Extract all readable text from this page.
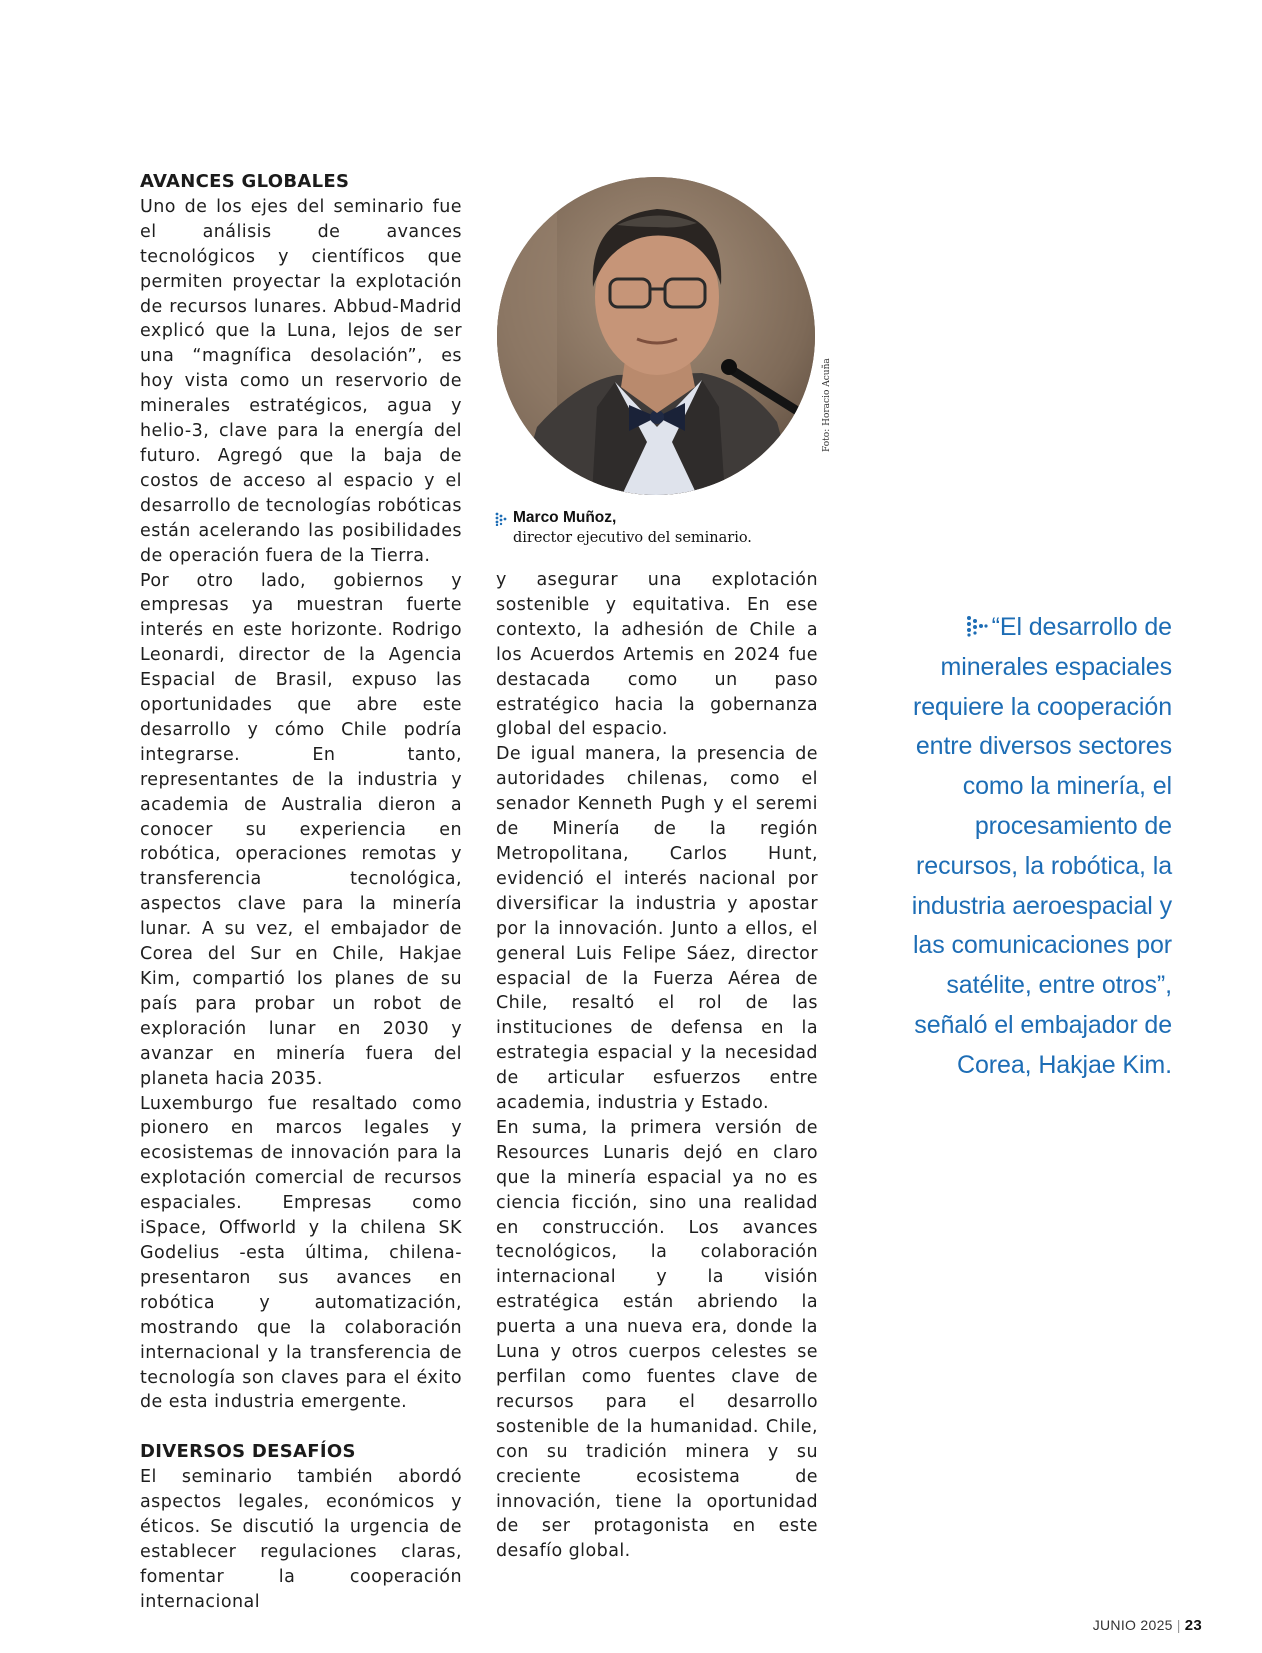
AVANCES GLOBALES

Uno de los ejes del seminario fue el análisis de avances tecnológicos y científicos que permiten proyectar la explotación de recursos lunares. Abbud-Madrid explicó que la Luna, lejos de ser una “magnífica desolación”, es hoy vista como un reservorio de minerales estratégicos, agua y helio-3, clave para la energía del futuro. Agregó que la baja de costos de acceso al espacio y el desarrollo de tecnologías robóticas están acelerando las posibilidades de operación fuera de la Tierra.

Por otro lado, gobiernos y empresas ya muestran fuerte interés en este horizonte. Rodrigo Leonardi, director de la Agencia Espacial de Brasil, expuso las oportunidades que abre este desarrollo y cómo Chile podría integrarse. En tanto, representantes de la industria y academia de Australia dieron a conocer su experiencia en robótica, operaciones remotas y transferencia tecnológica, aspectos clave para la minería lunar. A su vez, el embajador de Corea del Sur en Chile, Hakjae Kim, compartió los planes de su país para probar un robot de exploración lunar en 2030 y avanzar en minería fuera del planeta hacia 2035.

Luxemburgo fue resaltado como pionero en marcos legales y ecosistemas de innovación para la explotación comercial de recursos espaciales. Empresas como iSpace, Offworld y la chilena SK Godelius -esta última, chilena- presentaron sus avances en robótica y automatización, mostrando que la colaboración internacional y la transferencia de tecnología son claves para el éxito de esta industria emergente.

DIVERSOS DESAFÍOS

El seminario también abordó aspectos legales, económicos y éticos. Se discutió la urgencia de establecer regulaciones claras, fomentar la cooperación internacional

Foto: Horacio Acuña
Marco Muñoz,
director ejecutivo del seminario.

y asegurar una explotación sostenible y equitativa. En ese contexto, la adhesión de Chile a los Acuerdos Artemis en 2024 fue destacada como un paso estratégico hacia la gobernanza global del espacio.

De igual manera, la presencia de autoridades chilenas, como el senador Kenneth Pugh y el seremi de Minería de la región Metropolitana, Carlos Hunt, evidenció el interés nacional por diversificar la industria y apostar por la innovación. Junto a ellos, el general Luis Felipe Sáez, director espacial de la Fuerza Aérea de Chile, resaltó el rol de las instituciones de defensa en la estrategia espacial y la necesidad de articular esfuerzos entre academia, industria y Estado.

En suma, la primera versión de Resources Lunaris dejó en claro que la minería espacial ya no es ciencia ficción, sino una realidad en construcción. Los avances tecnológicos, la colaboración internacional y la visión estratégica están abriendo la puerta a una nueva era, donde la Luna y otros cuerpos celestes se perfilan como fuentes clave de recursos para el desarrollo sostenible de la humanidad. Chile, con su tradición minera y su creciente ecosistema de innovación, tiene la oportunidad de ser protagonista en este desafío global.

“El desarrollo de minerales espaciales requiere la cooperación entre diversos sectores como la minería, el procesamiento de recursos, la robótica, la industria aeroespacial y las comunicaciones por satélite, entre otros”, señaló el embajador de Corea, Hakjae Kim.
JUNIO 2025 | 23
